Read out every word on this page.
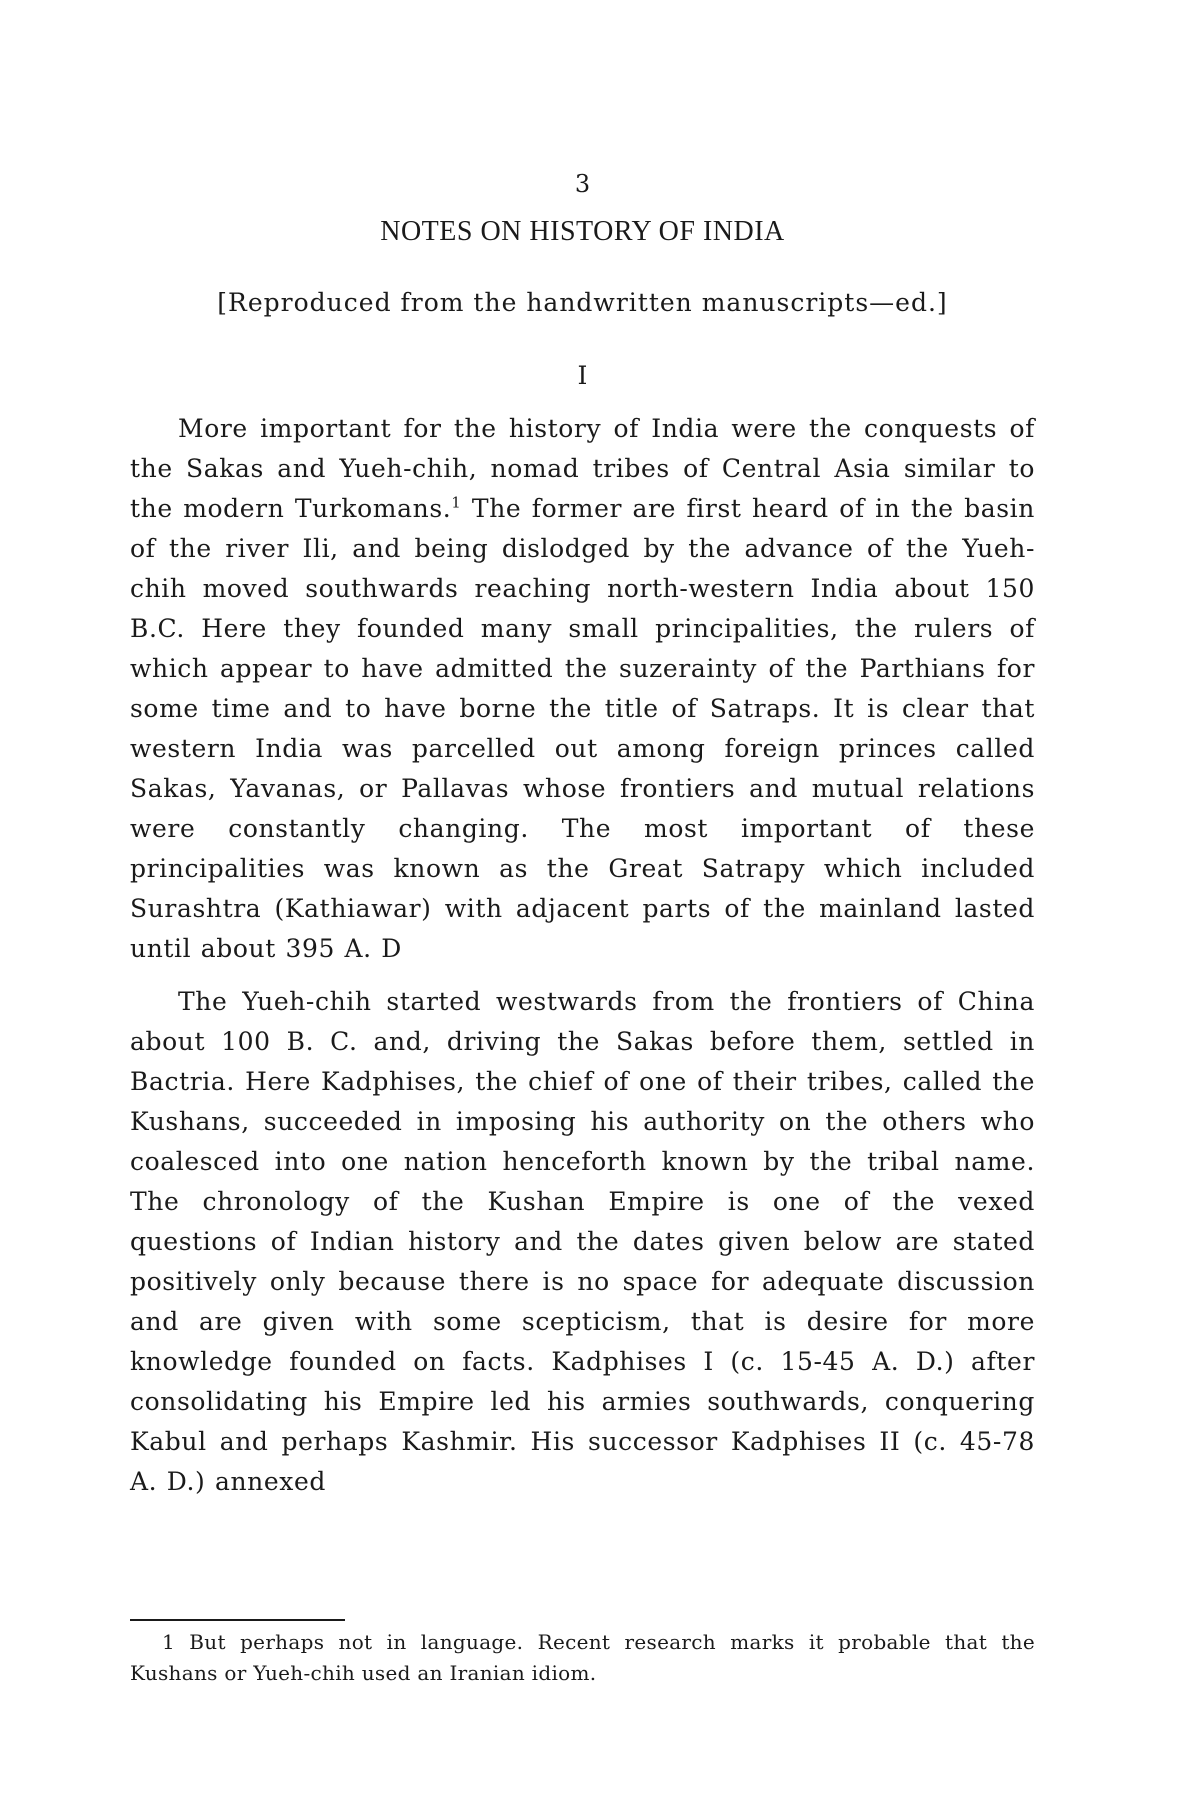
3
NOTES ON HISTORY OF INDIA
[Reproduced from the handwritten manuscripts—ed.]
I

More important for the history of India were the conquests of the Sakas and Yueh-chih, nomad tribes of Central Asia similar to the modern Turkomans.$^1$ The former are first heard of in the basin of the river Ili, and being dislodged by the advance of the Yueh-chih moved southwards reaching north-western India about 150 B.C. Here they founded many small principalities, the rulers of which appear to have admitted the suzerainty of the Parthians for some time and to have borne the title of Satraps. It is clear that western India was parcelled out among foreign princes called Sakas, Yavanas, or Pallavas whose frontiers and mutual relations were constantly changing. The most important of these principalities was known as the Great Satrapy which included Surashtra (Kathiawar) with adjacent parts of the mainland lasted until about 395 A. D

The Yueh-chih started westwards from the frontiers of China about 100 B. C. and, driving the Sakas before them, settled in Bactria. Here Kadphises, the chief of one of their tribes, called the Kushans, succeeded in imposing his authority on the others who coalesced into one nation henceforth known by the tribal name. The chronology of the Kushan Empire is one of the vexed questions of Indian history and the dates given below are stated positively only because there is no space for adequate discussion and are given with some scepticism, that is desire for more knowledge founded on facts. Kadphises I (c. 15-45 A. D.) after consolidating his Empire led his armies southwards, conquering Kabul and perhaps Kashmir. His successor Kadphises II (c. 45-78 A. D.) annexed

1 But perhaps not in language. Recent research marks it probable that the Kushans or Yueh-chih used an Iranian idiom.
